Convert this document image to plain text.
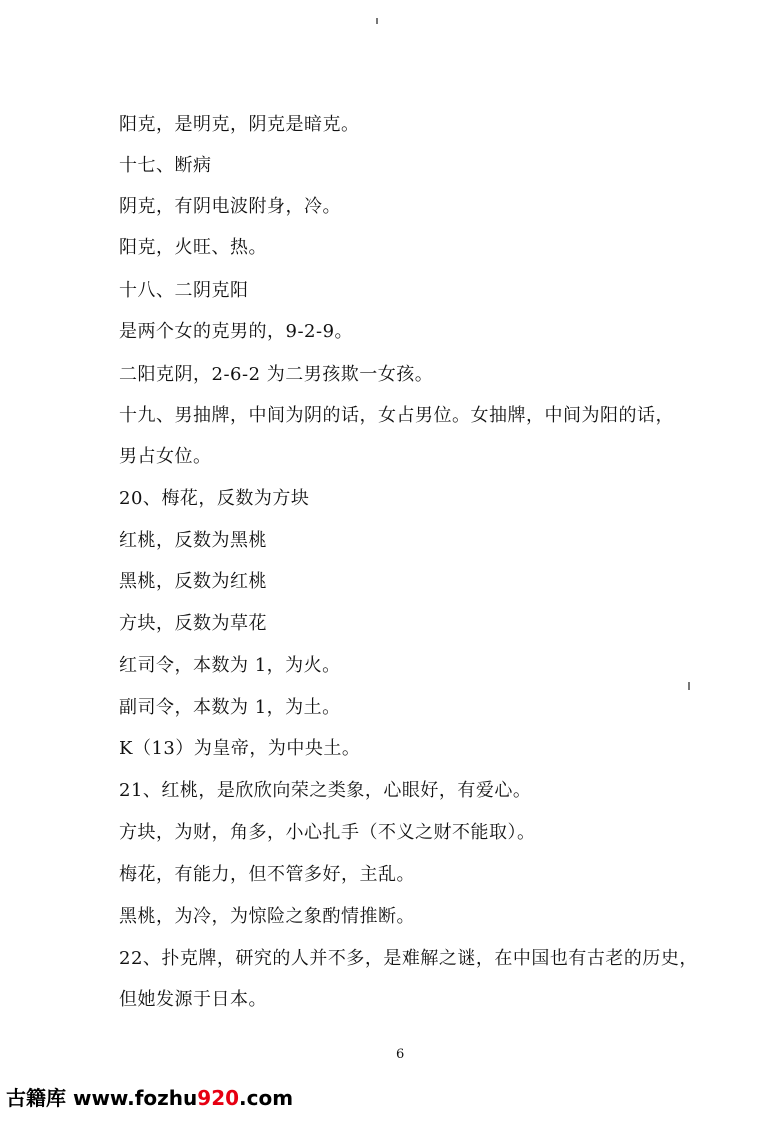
阳克，是明克，阴克是暗克。
十七、断病
阴克，有阴电波附身，冷。
阳克，火旺、热。
十八、二阴克阳
是两个女的克男的，9-2-9。
二阳克阴，2-6-2 为二男孩欺一女孩。
十九、男抽牌，中间为阴的话，女占男位。女抽牌，中间为阳的话，
男占女位。
20、梅花，反数为方块
红桃，反数为黑桃
黑桃，反数为红桃
方块，反数为草花
红司令，本数为 1，为火。
副司令，本数为 1，为土。
K（13）为皇帝，为中央土。
21、红桃，是欣欣向荣之类象，心眼好，有爱心。
方块，为财，角多，小心扎手（不义之财不能取）。
梅花，有能力，但不管多好，主乱。
黑桃，为冷，为惊险之象酌情推断。
22、扑克牌，研究的人并不多，是难解之谜，在中国也有古老的历史，
但她发源于日本。
6
古籍库 www.fozhu920.com
